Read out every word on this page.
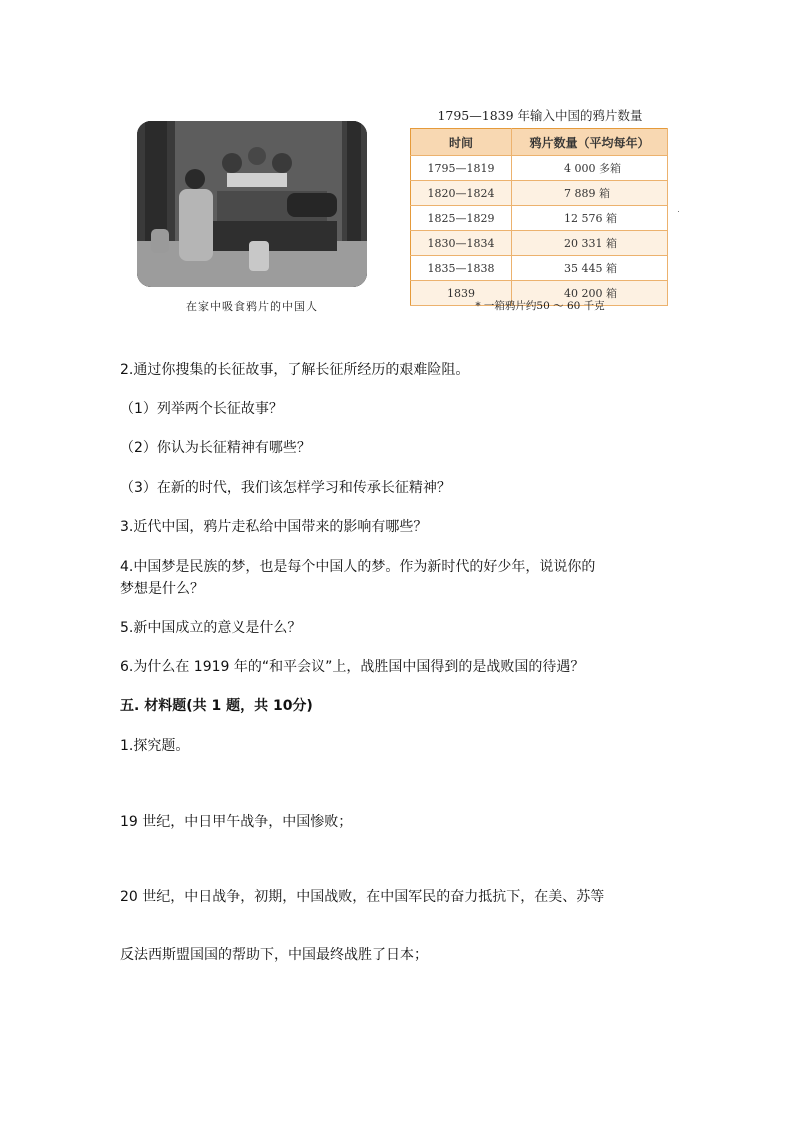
在家中吸食鸦片的中国人
1795—1839 年输入中国的鸦片数量
时间	鸦片数量（平均每年）
1795—1819	4 000 多箱
1820—1824	7 889 箱
1825—1829	12 576 箱
1830—1834	20 331 箱
1835—1838	35 445 箱
1839	40 200 箱
* 一箱鸦片约50 ～ 60 千克
2.通过你搜集的长征故事，了解长征所经历的艰难险阻。
（1）列举两个长征故事？
（2）你认为长征精神有哪些？
（3）在新的时代，我们该怎样学习和传承长征精神？
3.近代中国，鸦片走私给中国带来的影响有哪些？
4.中国梦是民族的梦，也是每个中国人的梦。作为新时代的好少年，说说你的
梦想是什么？
5.新中国成立的意义是什么？
6.为什么在 1919 年的“和平会议”上，战胜国中国得到的是战败国的待遇？
五. 材料题(共 1 题，共 10分)
1.探究题。
19 世纪，中日甲午战争，中国惨败；
20 世纪，中日战争，初期，中国战败，在中国军民的奋力抵抗下，在美、苏等
反法西斯盟国国的帮助下，中国最终战胜了日本；
